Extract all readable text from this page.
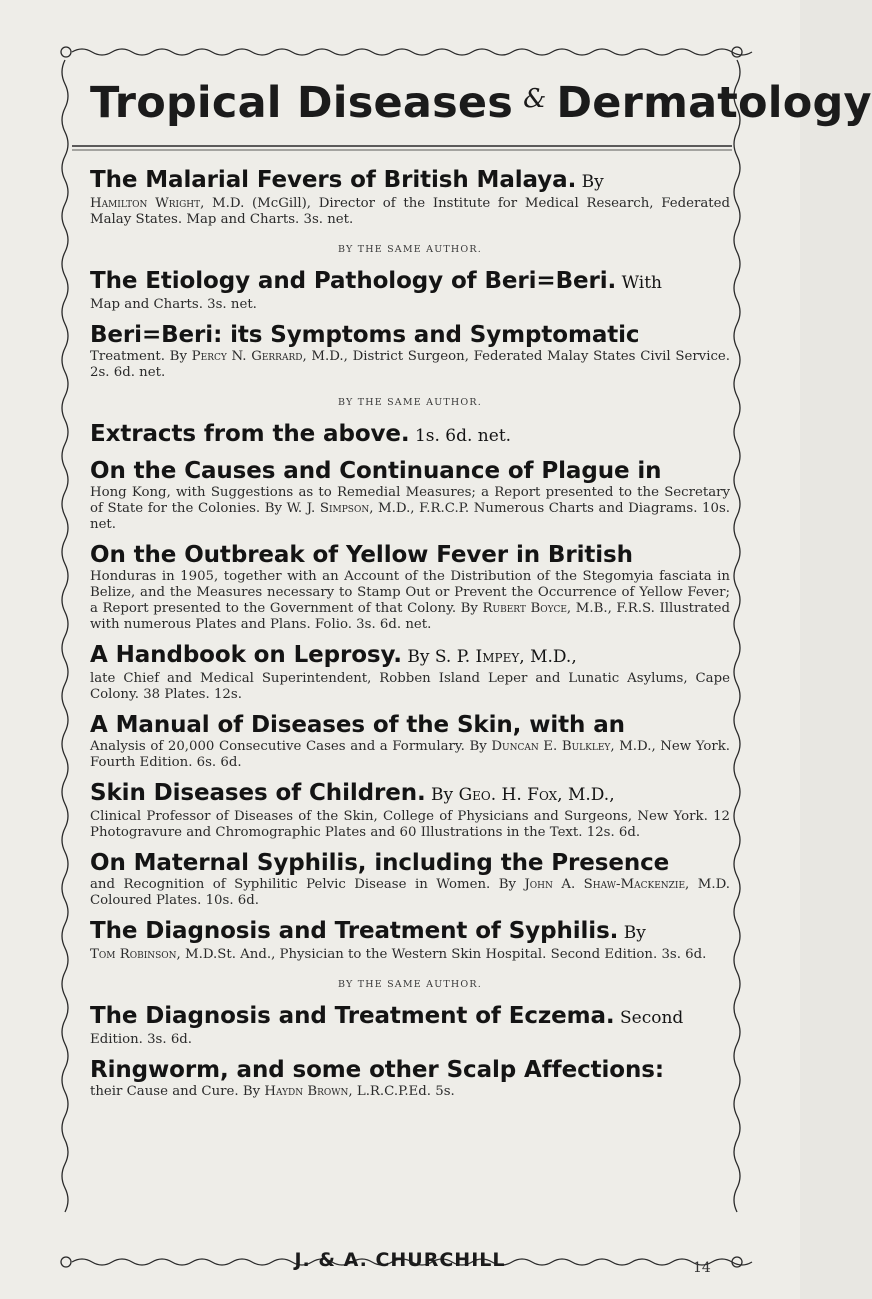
Tropical Diseases & Dermatology
The Malarial Fevers of British Malaya. By
Hamilton Wright, M.D. (McGill), Director of the Institute for Medical Research, Federated Malay States. Map and Charts. 3s. net.
BY THE SAME AUTHOR.
The Etiology and Pathology of Beri=Beri. With
Map and Charts. 3s. net.
Beri=Beri: its Symptoms and Symptomatic
Treatment. By Percy N. Gerrard, M.D., District Surgeon, Federated Malay States Civil Service. 2s. 6d. net.
BY THE SAME AUTHOR.
Extracts from the above. 1s. 6d. net.
On the Causes and Continuance of Plague in
Hong Kong, with Suggestions as to Remedial Measures; a Report presented to the Secretary of State for the Colonies. By W. J. Simpson, M.D., F.R.C.P. Numerous Charts and Diagrams. 10s. net.
On the Outbreak of Yellow Fever in British
Honduras in 1905, together with an Account of the Distribution of the Stegomyia fasciata in Belize, and the Measures necessary to Stamp Out or Prevent the Occurrence of Yellow Fever; a Report presented to the Government of that Colony. By Rubert Boyce, M.B., F.R.S. Illustrated with numerous Plates and Plans. Folio. 3s. 6d. net.
A Handbook on Leprosy. By S. P. Impey, M.D.,
late Chief and Medical Superintendent, Robben Island Leper and Lunatic Asylums, Cape Colony. 38 Plates. 12s.
A Manual of Diseases of the Skin, with an
Analysis of 20,000 Consecutive Cases and a Formulary. By Duncan E. Bulkley, M.D., New York. Fourth Edition. 6s. 6d.
Skin Diseases of Children. By Geo. H. Fox, M.D.,
Clinical Professor of Diseases of the Skin, College of Physicians and Surgeons, New York. 12 Photogravure and Chromographic Plates and 60 Illustrations in the Text. 12s. 6d.
On Maternal Syphilis, including the Presence
and Recognition of Syphilitic Pelvic Disease in Women. By John A. Shaw-Mackenzie, M.D. Coloured Plates. 10s. 6d.
The Diagnosis and Treatment of Syphilis. By
Tom Robinson, M.D.St. And., Physician to the Western Skin Hospital. Second Edition. 3s. 6d.
BY THE SAME AUTHOR.
The Diagnosis and Treatment of Eczema. Second
Edition. 3s. 6d.
Ringworm, and some other Scalp Affections:
their Cause and Cure. By Haydn Brown, L.R.C.P.Ed. 5s.
J. & A. CHURCHILL	14
